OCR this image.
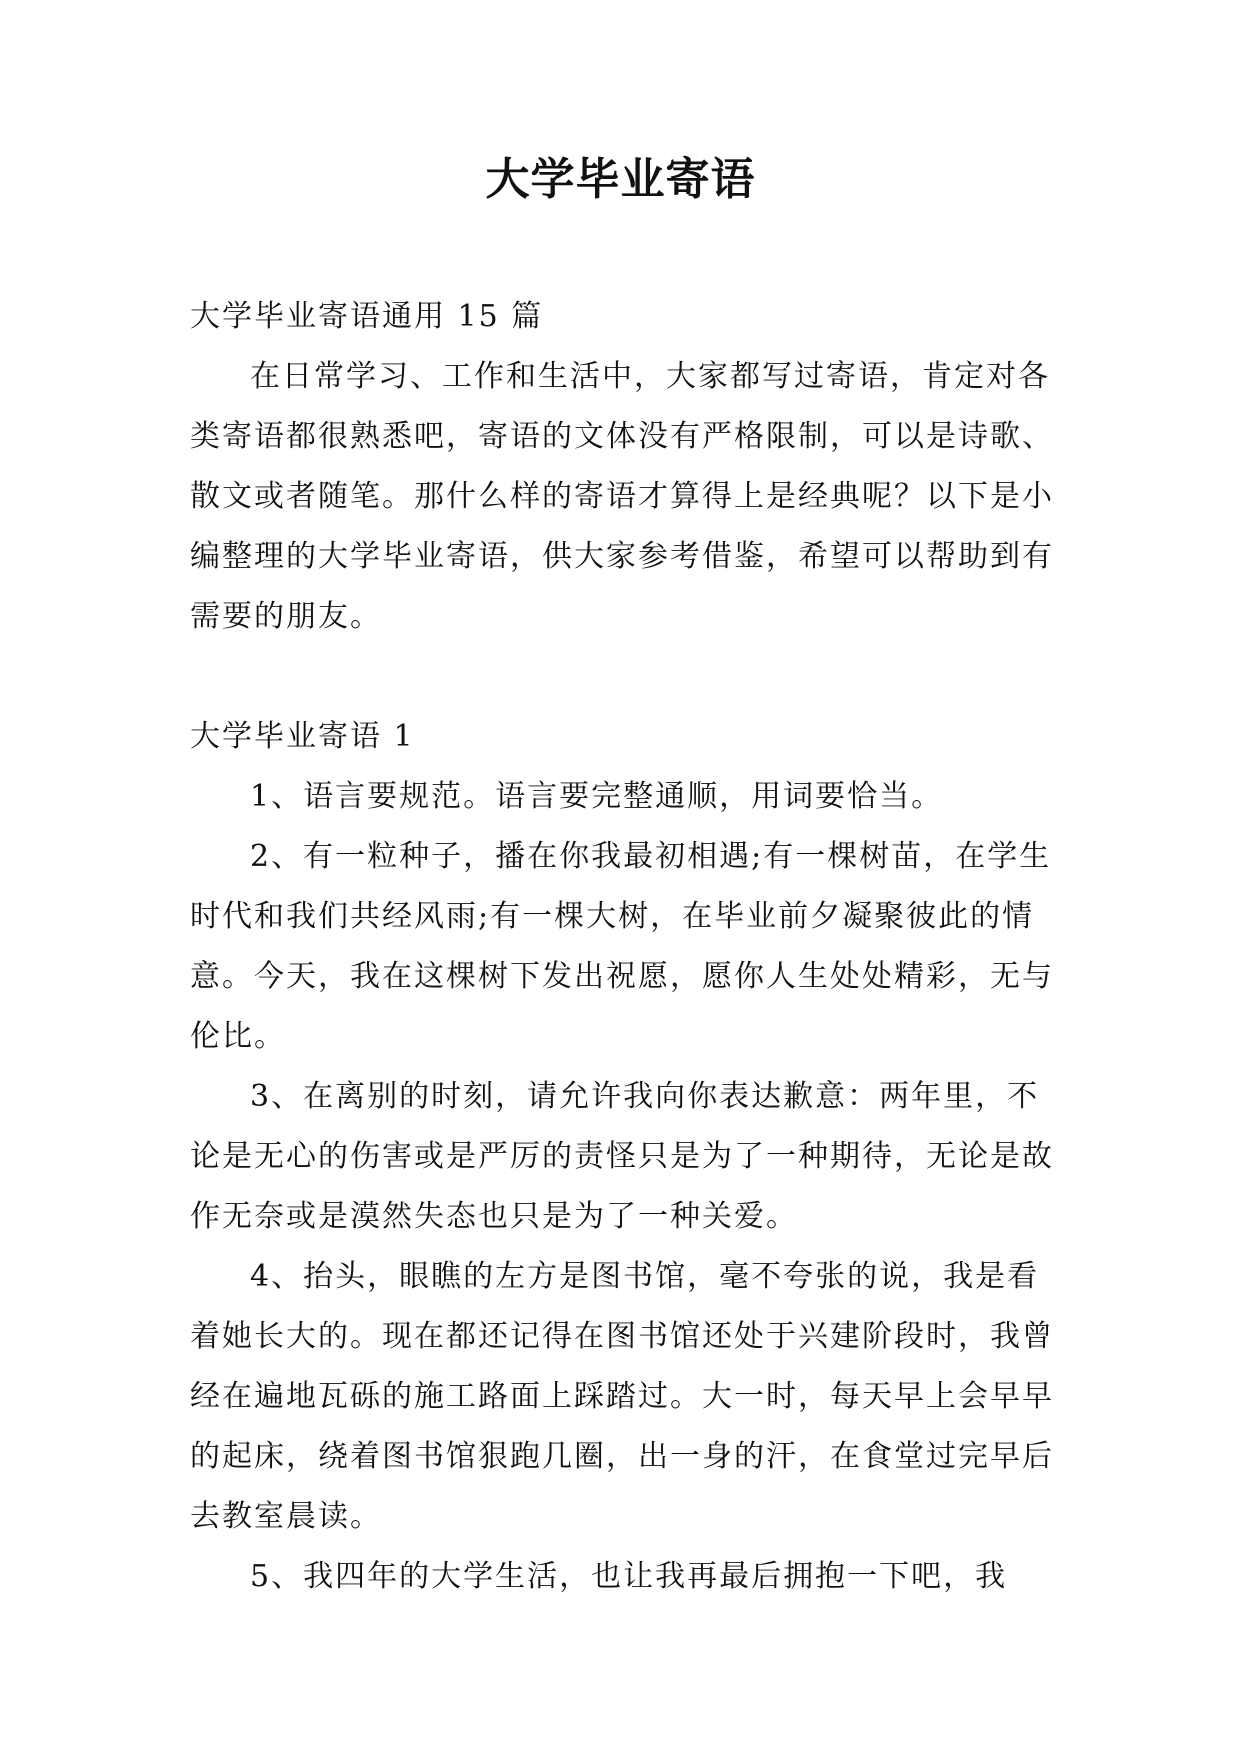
大学毕业寄语

大学毕业寄语通用 15 篇

在日常学习、工作和生活中，大家都写过寄语，肯定对各类寄语都很熟悉吧，寄语的文体没有严格限制，可以是诗歌、散文或者随笔。那什么样的寄语才算得上是经典呢？以下是小编整理的大学毕业寄语，供大家参考借鉴，希望可以帮助到有需要的朋友。

大学毕业寄语 1

1、语言要规范。语言要完整通顺，用词要恰当。

2、有一粒种子，播在你我最初相遇;有一棵树苗，在学生时代和我们共经风雨;有一棵大树，在毕业前夕凝聚彼此的情意。今天，我在这棵树下发出祝愿，愿你人生处处精彩，无与伦比。

3、在离别的时刻，请允许我向你表达歉意：两年里，不论是无心的伤害或是严厉的责怪只是为了一种期待，无论是故作无奈或是漠然失态也只是为了一种关爱。

4、抬头，眼瞧的左方是图书馆，毫不夸张的说，我是看着她长大的。现在都还记得在图书馆还处于兴建阶段时，我曾经在遍地瓦砾的施工路面上踩踏过。大一时，每天早上会早早的起床，绕着图书馆狠跑几圈，出一身的汗，在食堂过完早后去教室晨读。

5、我四年的大学生活，也让我再最后拥抱一下吧，我
